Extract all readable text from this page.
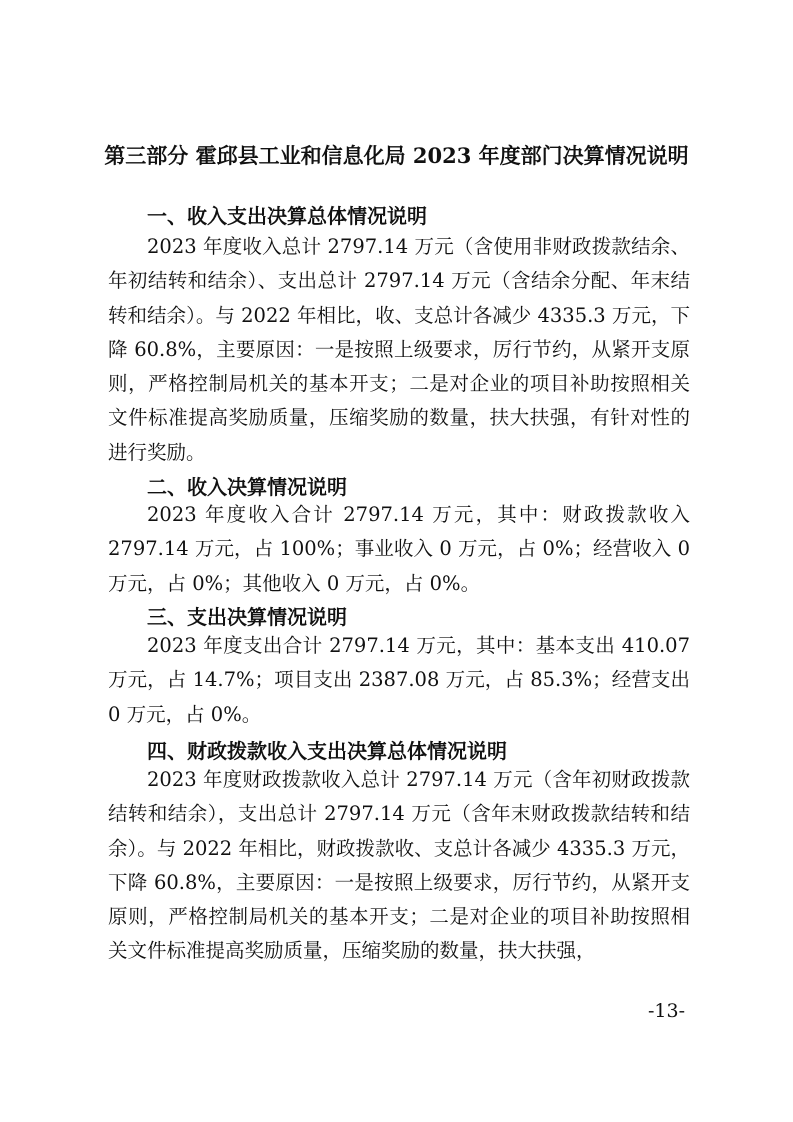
第三部分 霍邱县工业和信息化局 2023 年度部门决算情况说明
一、收入支出决算总体情况说明

2023 年度收入总计 2797.14 万元（含使用非财政拨款结余、年初结转和结余）、支出总计 2797.14 万元（含结余分配、年末结转和结余）。与 2022 年相比，收、支总计各减少 4335.3 万元，下降 60.8%，主要原因：一是按照上级要求，厉行节约，从紧开支原则，严格控制局机关的基本开支；二是对企业的项目补助按照相关文件标准提高奖励质量，压缩奖励的数量，扶大扶强，有针对性的进行奖励。

二、收入决算情况说明

2023 年度收入合计 2797.14 万元，其中：财政拨款收入 2797.14 万元，占 100%；事业收入 0 万元，占 0%；经营收入 0 万元，占 0%；其他收入 0 万元，占 0%。

三、支出决算情况说明

2023 年度支出合计 2797.14 万元，其中：基本支出 410.07 万元，占 14.7%；项目支出 2387.08 万元，占 85.3%；经营支出 0 万元，占 0%。

四、财政拨款收入支出决算总体情况说明

2023 年度财政拨款收入总计 2797.14 万元（含年初财政拨款结转和结余），支出总计 2797.14 万元（含年末财政拨款结转和结余）。与 2022 年相比，财政拨款收、支总计各减少 4335.3 万元，下降 60.8%，主要原因：一是按照上级要求，厉行节约，从紧开支原则，严格控制局机关的基本开支；二是对企业的项目补助按照相关文件标准提高奖励质量，压缩奖励的数量，扶大扶强，

-13-
